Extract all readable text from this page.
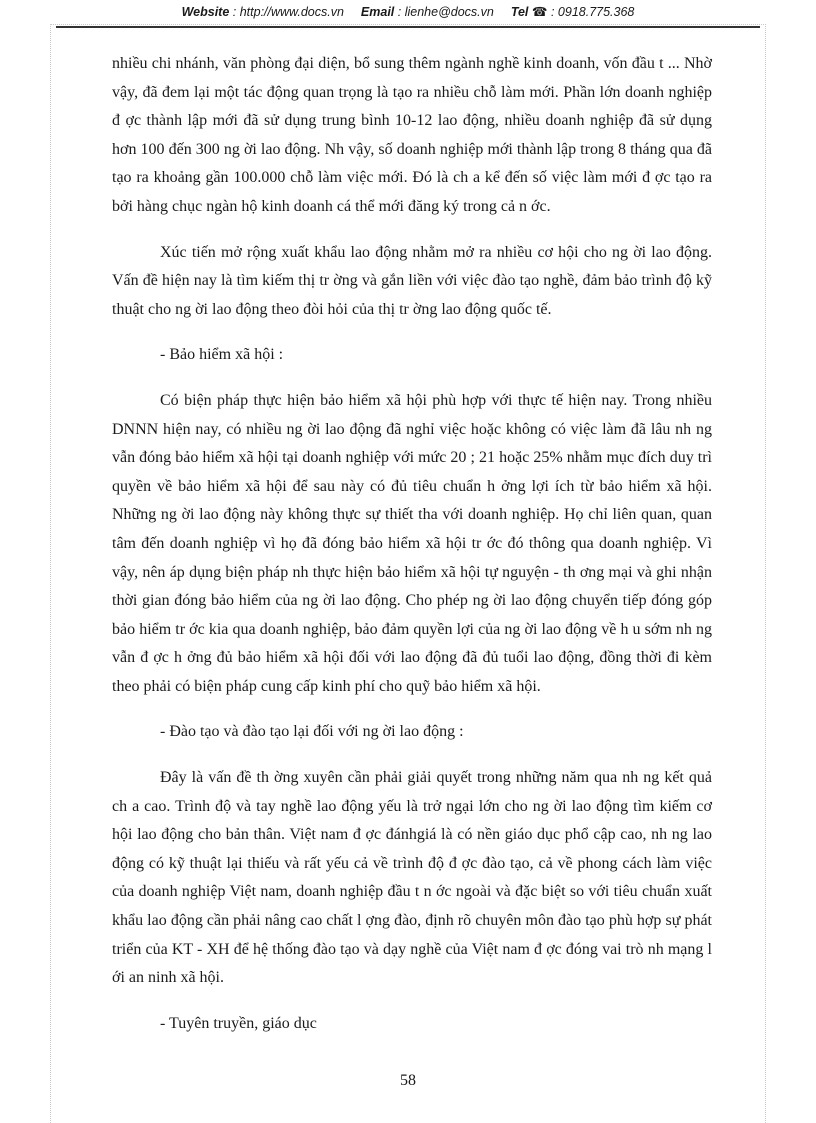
Website : http://www.docs.vn Email : lienhe@docs.vn Tel ☎ : 0918.775.368

nhiều chi nhánh, văn phòng đại diện, bổ sung thêm ngành nghề kinh doanh, vốn đầu t ... Nhờ vậy, đã đem lại một tác động quan trọng là tạo ra nhiều chỗ làm mới. Phần lớn doanh nghiệp đ ợc thành lập mới đã sử dụng trung bình 10-12 lao động, nhiều doanh nghiệp đã sử dụng hơn 100 đến 300 ng ời lao động. Nh vậy, số doanh nghiệp mới thành lập trong 8 tháng qua đã tạo ra khoảng gần 100.000 chỗ làm việc mới. Đó là ch a kể đến số việc làm mới đ ợc tạo ra bởi hàng chục ngàn hộ kinh doanh cá thể mới đăng ký trong cả n ớc.

Xúc tiến mở rộng xuất khẩu lao động nhằm mở ra nhiều cơ hội cho ng ời lao động. Vấn đề hiện nay là tìm kiếm thị tr ờng và gắn liền với việc đào tạo nghề, đảm bảo trình độ kỹ thuật cho ng ời lao động theo đòi hỏi của thị tr ờng lao động quốc tế.

- Bảo hiểm xã hội :

Có biện pháp thực hiện bảo hiểm xã hội phù hợp với thực tế hiện nay. Trong nhiều DNNN hiện nay, có nhiều ng ời lao động đã nghỉ việc hoặc không có việc làm đã lâu nh ng vẫn đóng bảo hiểm xã hội tại doanh nghiệp với mức 20 ; 21 hoặc 25% nhằm mục đích duy trì quyền về bảo hiểm xã hội để sau này có đủ tiêu chuẩn h ởng lợi ích từ bảo hiểm xã hội. Những ng ời lao động này không thực sự thiết tha với doanh nghiệp. Họ chỉ liên quan, quan tâm đến doanh nghiệp vì họ đã đóng bảo hiểm xã hội tr ớc đó thông qua doanh nghiệp. Vì vậy, nên áp dụng biện pháp nh thực hiện bảo hiểm xã hội tự nguyện - th ơng mại và ghi nhận thời gian đóng bảo hiểm của ng ời lao động. Cho phép ng ời lao động chuyển tiếp đóng góp bảo hiểm tr ớc kia qua doanh nghiệp, bảo đảm quyền lợi của ng ời lao động về h u sớm nh ng vẫn đ ợc h ởng đủ bảo hiểm xã hội đối với lao động đã đủ tuổi lao động, đồng thời đi kèm theo phải có biện pháp cung cấp kinh phí cho quỹ bảo hiểm xã hội.

- Đào tạo và đào tạo lại đối với ng ời lao động :

Đây là vấn đề th ờng xuyên cần phải giải quyết trong những năm qua nh ng kết quả ch a cao. Trình độ và tay nghề lao động yếu là trở ngại lớn cho ng ời lao động tìm kiếm cơ hội lao động cho bản thân. Việt nam đ ợc đánhgiá là có nền giáo dục phổ cập cao, nh ng lao động có kỹ thuật lại thiếu và rất yếu cả về trình độ đ ợc đào tạo, cả về phong cách làm việc của doanh nghiệp Việt nam, doanh nghiệp đầu t n ớc ngoài và đặc biệt so với tiêu chuẩn xuất khẩu lao động cần phải nâng cao chất l ợng đào, định rõ chuyên môn đào tạo phù hợp sự phát triển của KT - XH để hệ thống đào tạo và dạy nghề của Việt nam đ ợc đóng vai trò nh mạng l ới an ninh xã hội.

- Tuyên truyền, giáo dục

58
